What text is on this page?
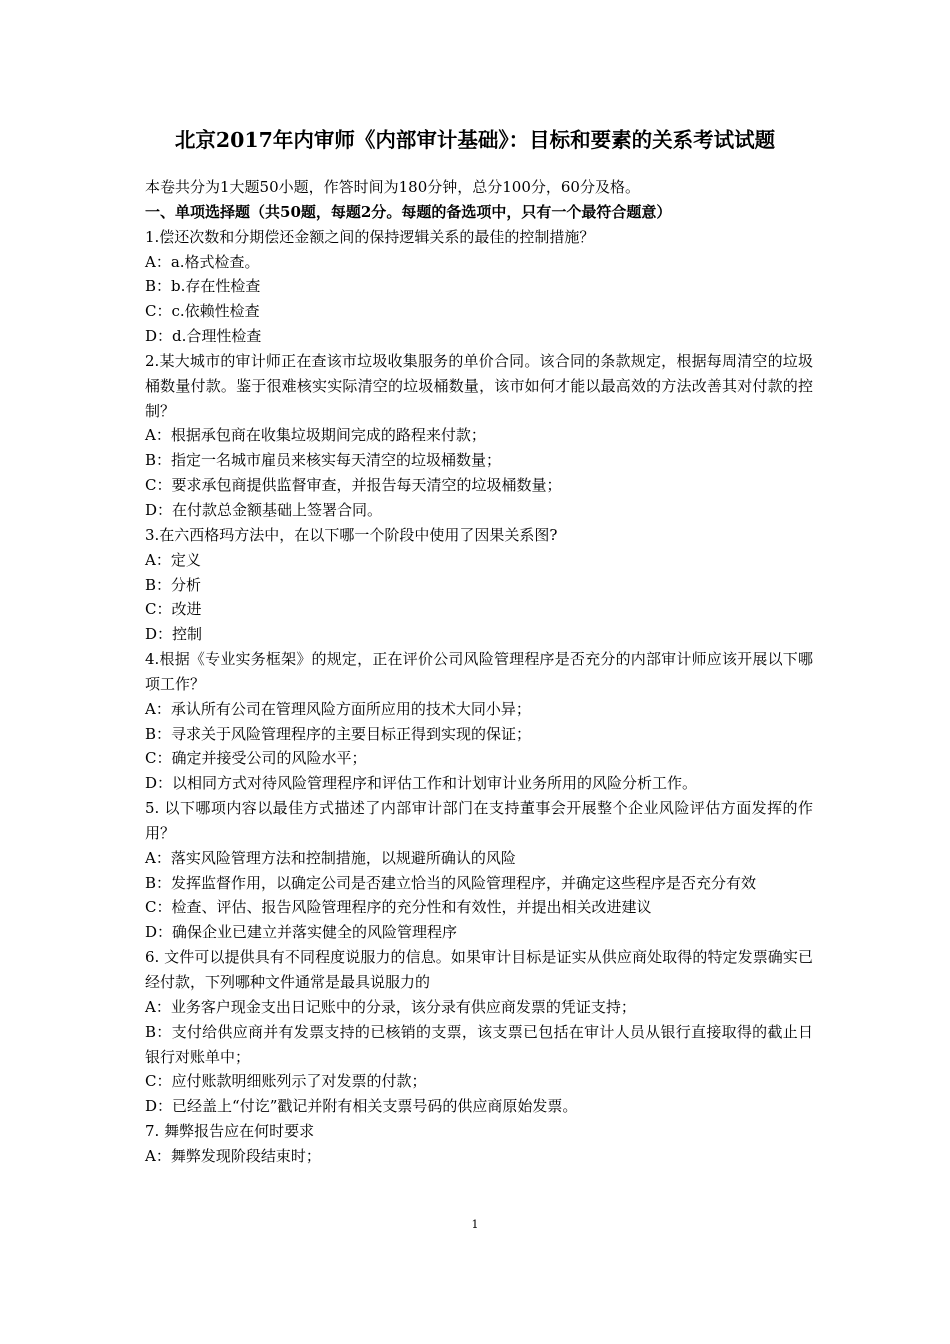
北京2017年内审师《内部审计基础》：目标和要素的关系考试试题

本卷共分为1大题50小题，作答时间为180分钟，总分100分，60分及格。

一、单项选择题（共50题，每题2分。每题的备选项中，只有一个最符合题意）

1.偿还次数和分期偿还金额之间的保持逻辑关系的最佳的控制措施？

A：a.格式检查。

B：b.存在性检查

C：c.依赖性检查

D：d.合理性检查

2.某大城市的审计师正在查该市垃圾收集服务的单价合同。该合同的条款规定，根据每周清空的垃圾桶数量付款。鉴于很难核实实际清空的垃圾桶数量，该市如何才能以最高效的方法改善其对付款的控制？

A：根据承包商在收集垃圾期间完成的路程来付款；

B：指定一名城市雇员来核实每天清空的垃圾桶数量；

C：要求承包商提供监督审查，并报告每天清空的垃圾桶数量；

D：在付款总金额基础上签署合同。

3.在六西格玛方法中，在以下哪一个阶段中使用了因果关系图?

A：定义

B：分析

C：改进

D：控制

4.根据《专业实务框架》的规定，正在评价公司风险管理程序是否充分的内部审计师应该开展以下哪项工作？

A：承认所有公司在管理风险方面所应用的技术大同小异；

B：寻求关于风险管理程序的主要目标正得到实现的保证；

C：确定并接受公司的风险水平；

D：以相同方式对待风险管理程序和评估工作和计划审计业务所用的风险分析工作。

5. 以下哪项内容以最佳方式描述了内部审计部门在支持董事会开展整个企业风险评估方面发挥的作用？

A：落实风险管理方法和控制措施，以规避所确认的风险

B：发挥监督作用，以确定公司是否建立恰当的风险管理程序，并确定这些程序是否充分有效

C：检查、评估、报告风险管理程序的充分性和有效性，并提出相关改进建议

D：确保企业已建立并落实健全的风险管理程序

6. 文件可以提供具有不同程度说服力的信息。如果审计目标是证实从供应商处取得的特定发票确实已经付款，下列哪种文件通常是最具说服力的

A：业务客户现金支出日记账中的分录，该分录有供应商发票的凭证支持；

B：支付给供应商并有发票支持的已核销的支票，该支票已包括在审计人员从银行直接取得的截止日银行对账单中；

C：应付账款明细账列示了对发票的付款；

D：已经盖上“付讫”戳记并附有相关支票号码的供应商原始发票。

7. 舞弊报告应在何时要求

A：舞弊发现阶段结束时；

1
